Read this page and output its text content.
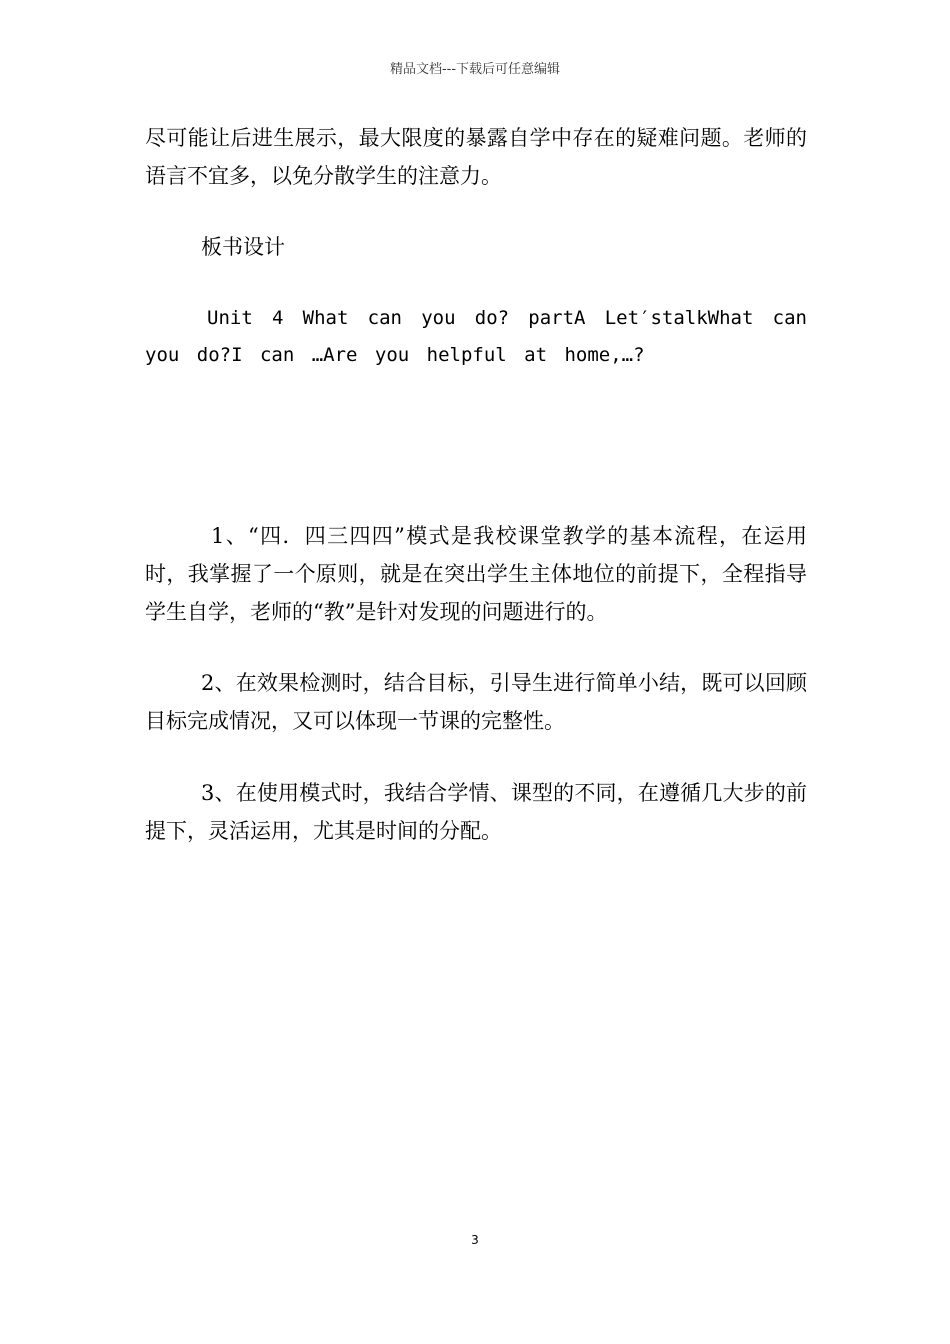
精品文档---下载后可任意编辑

尽可能让后进生展示，最大限度的暴露自学中存在的疑难问题。老师的语言不宜多，以免分散学生的注意力。

板书设计

Unit 4 What can you do? partA Let′stalkWhat can you do?I can …Are you helpful at home,…?

1、“四．四三四四”模式是我校课堂教学的基本流程，在运用时，我掌握了一个原则，就是在突出学生主体地位的前提下，全程指导学生自学，老师的“教”是针对发现的问题进行的。

2、在效果检测时，结合目标，引导生进行简单小结，既可以回顾目标完成情况，又可以体现一节课的完整性。

3、在使用模式时，我结合学情、课型的不同，在遵循几大步的前提下，灵活运用，尤其是时间的分配。

3
